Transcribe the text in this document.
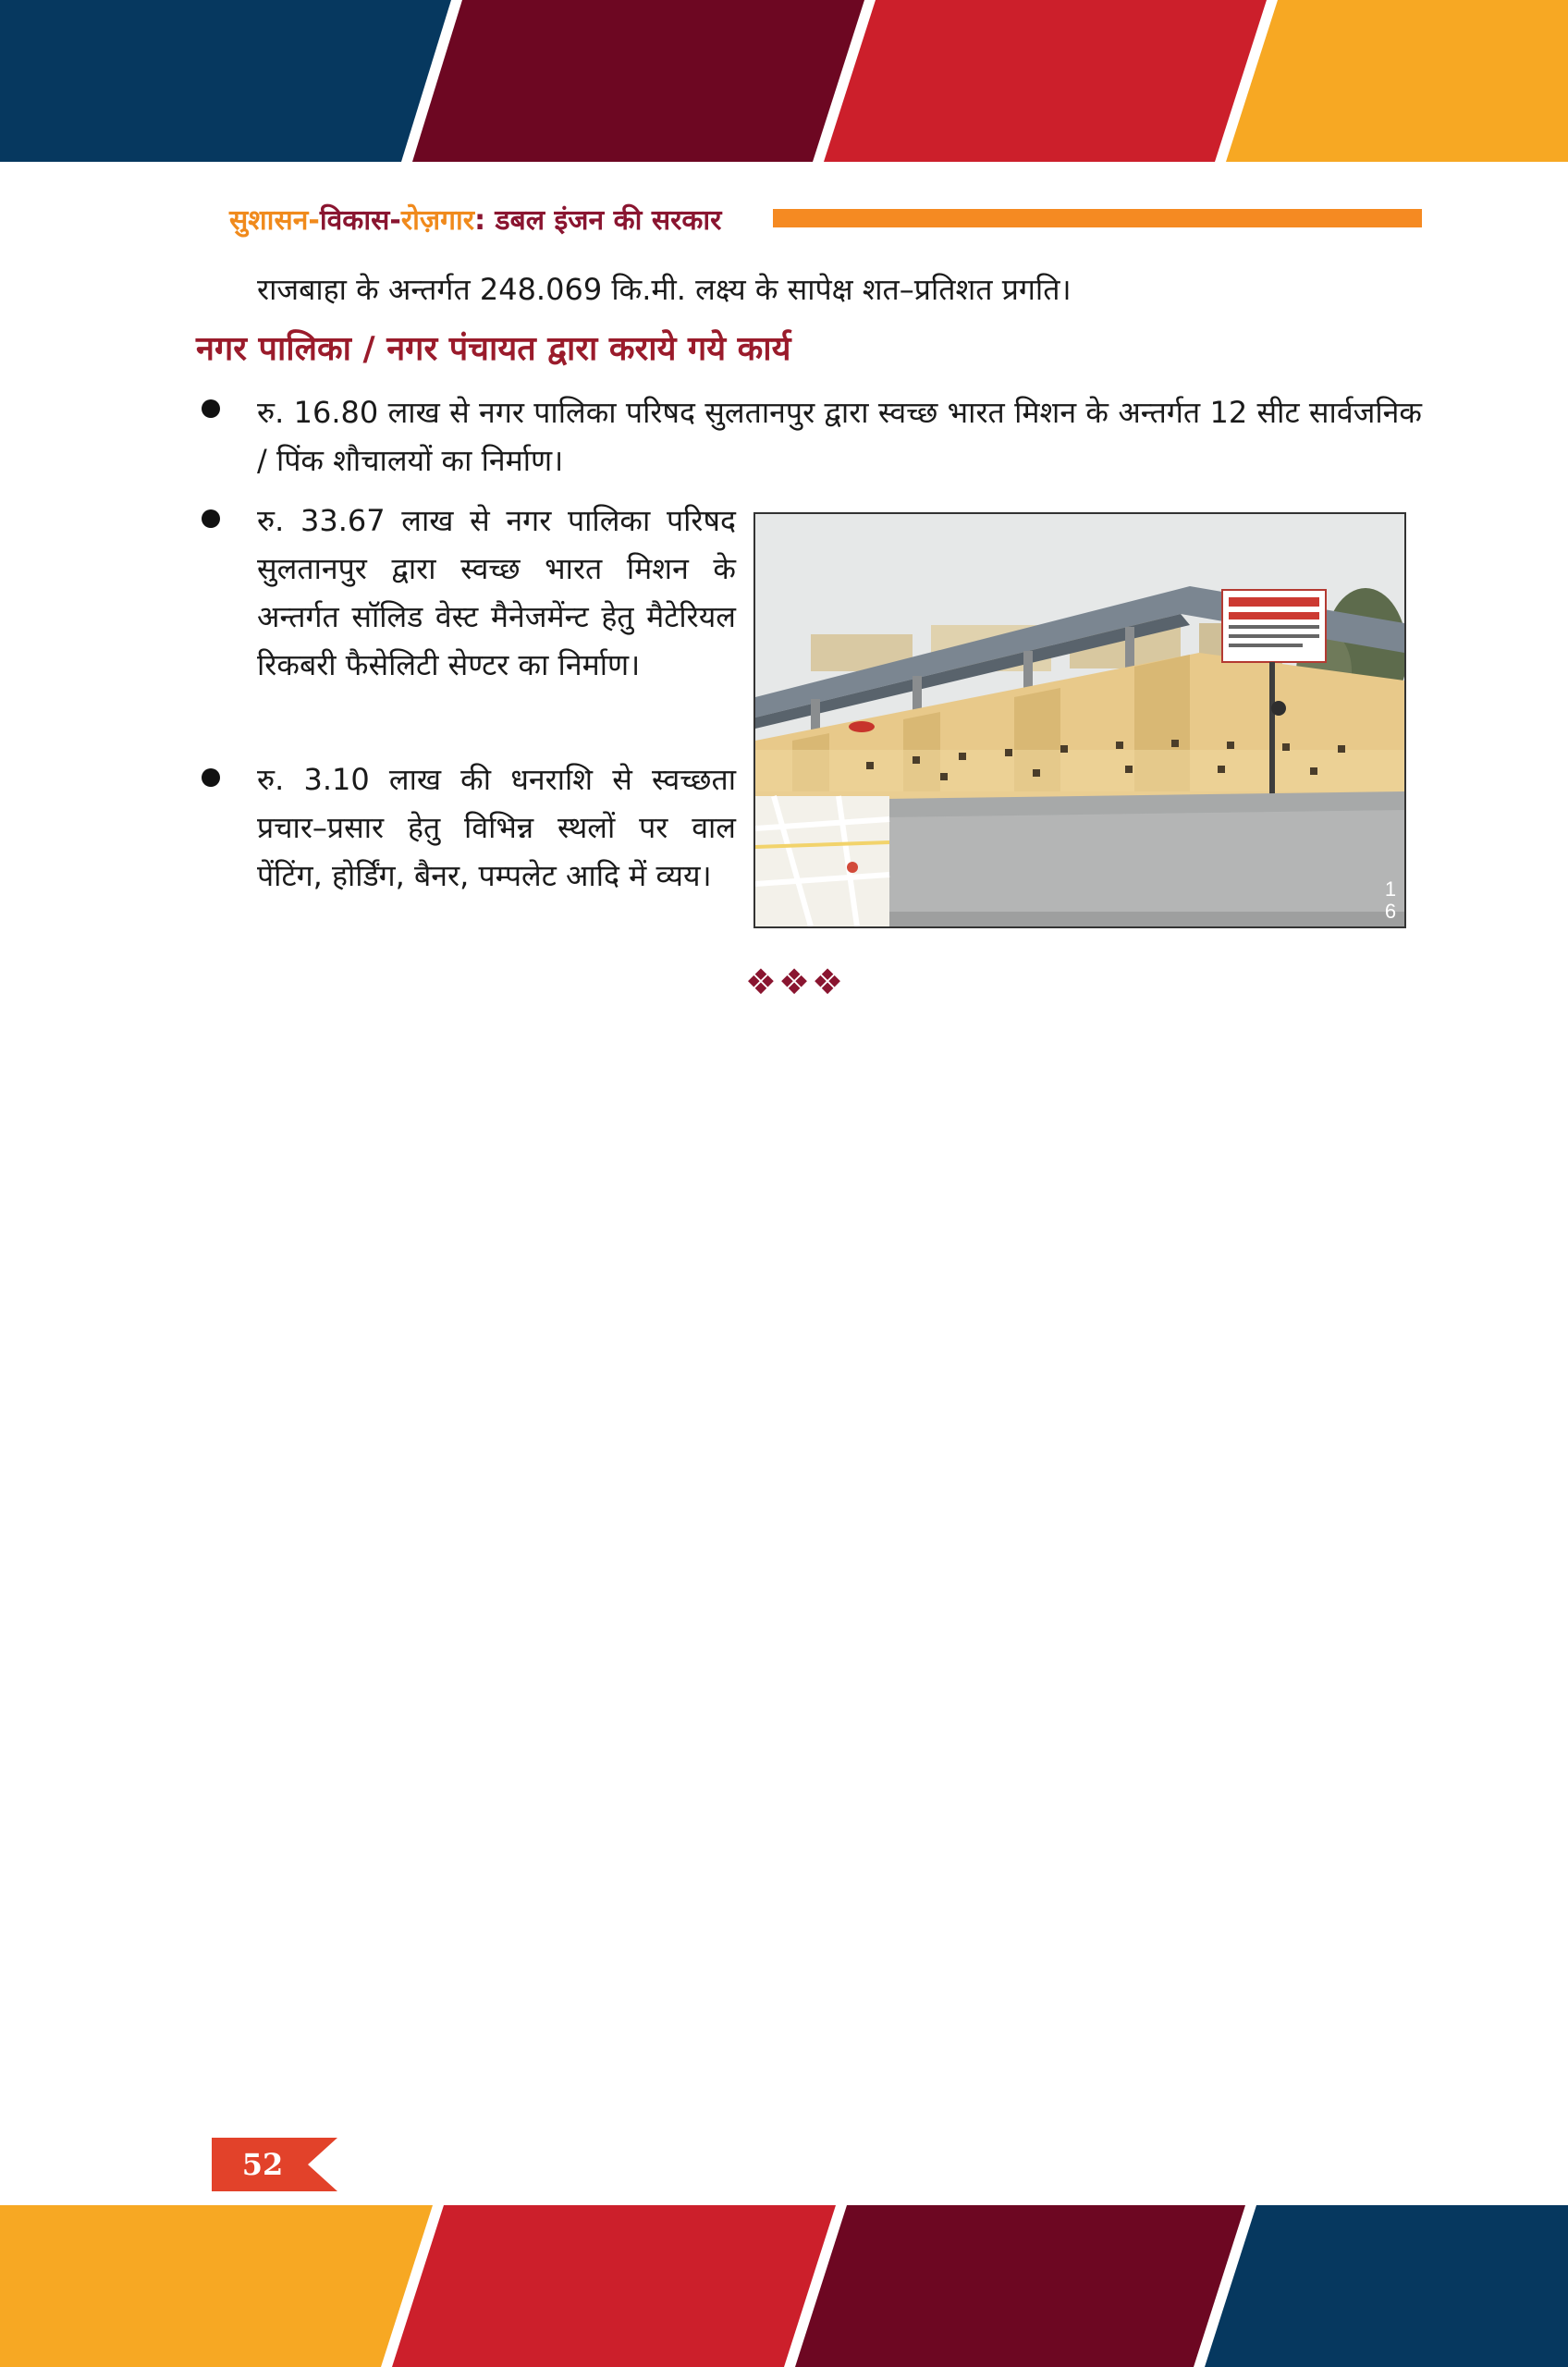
सुशासन- विकास- रोज़गार : डबल इंजन की सरकार
राजबाहा के अन्तर्गत 248.069 कि.मी. लक्ष्य के सापेक्ष शत–प्रतिशत प्रगति।
नगर पालिका / नगर पंचायत द्वारा कराये गये कार्य
रु. 16.80 लाख से नगर पालिका परिषद सुलतानपुर द्वारा स्वच्छ भारत मिशन के अन्तर्गत 12 सीट सार्वजनिक / पिंक शौचालयों का निर्माण।
रु. 33.67 लाख से नगर पालिका परिषद सुलतानपुर द्वारा स्वच्छ भारत मिशन के अन्तर्गत सॉलिड वेस्ट मैनेजमेंन्ट हेतु मैटेरियल रिकबरी फैसेलिटी सेण्टर का निर्माण।
रु. 3.10 लाख की धनराशि से स्वच्छता प्रचार–प्रसार हेतु विभिन्न स्थलों पर वाल पेंटिंग, होर्डिंग, बैनर, पम्पलेट आदि में व्यय।	1 6
❖❖❖
52
